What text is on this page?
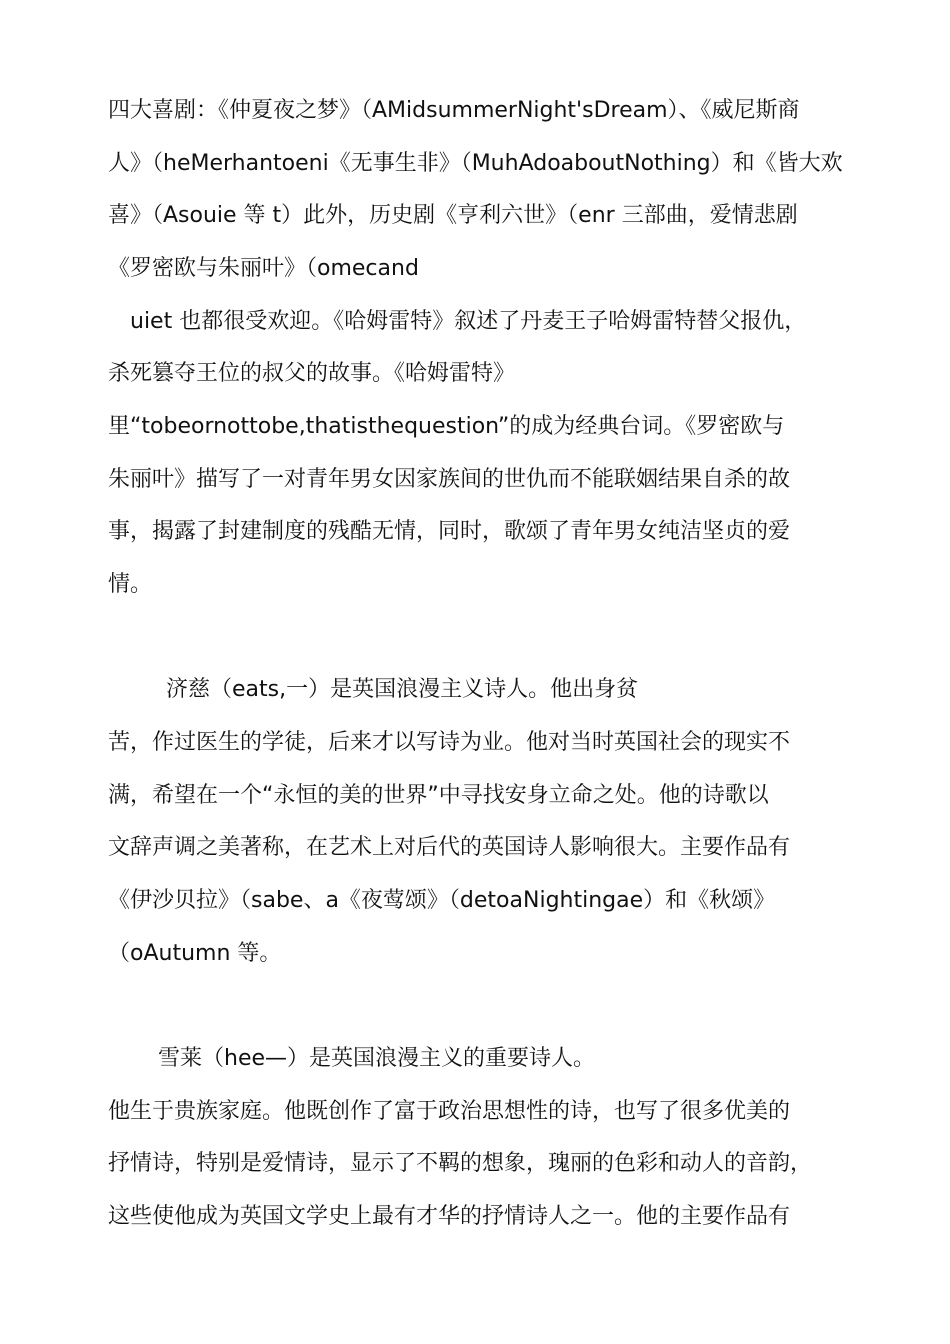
四大喜剧：《仲夏夜之梦》（AMidsummerNight'sDream）、《威尼斯商
人》（heMerhantoeni《无事生非》（MuhAdoaboutNothing）和《皆大欢
喜》（Asouie 等 t）此外，历史剧《亨利六世》（enr 三部曲，爱情悲剧
《罗密欧与朱丽叶》（omecand
uiet 也都很受欢迎。《哈姆雷特》叙述了丹麦王子哈姆雷特替父报仇，
杀死篡夺王位的叔父的故事。《哈姆雷特》
里“tobeornottobe,thatisthequestion”的成为经典台词。《罗密欧与
朱丽叶》描写了一对青年男女因家族间的世仇而不能联姻结果自杀的故
事，揭露了封建制度的残酷无情，同时，歌颂了青年男女纯洁坚贞的爱
情。
济慈（eats,一）是英国浪漫主义诗人。他出身贫
苦，作过医生的学徒，后来才以写诗为业。他对当时英国社会的现实不
满，希望在一个“永恒的美的世界”中寻找安身立命之处。他的诗歌以
文辞声调之美著称，在艺术上对后代的英国诗人影响很大。主要作品有
《伊沙贝拉》（sabe、a《夜莺颂》（detoaNightingae）和《秋颂》
（oAutumn 等。
雪莱（hee—）是英国浪漫主义的重要诗人。
他生于贵族家庭。他既创作了富于政治思想性的诗，也写了很多优美的
抒情诗，特别是爱情诗，显示了不羁的想象，瑰丽的色彩和动人的音韵，
这些使他成为英国文学史上最有才华的抒情诗人之一。他的主要作品有
